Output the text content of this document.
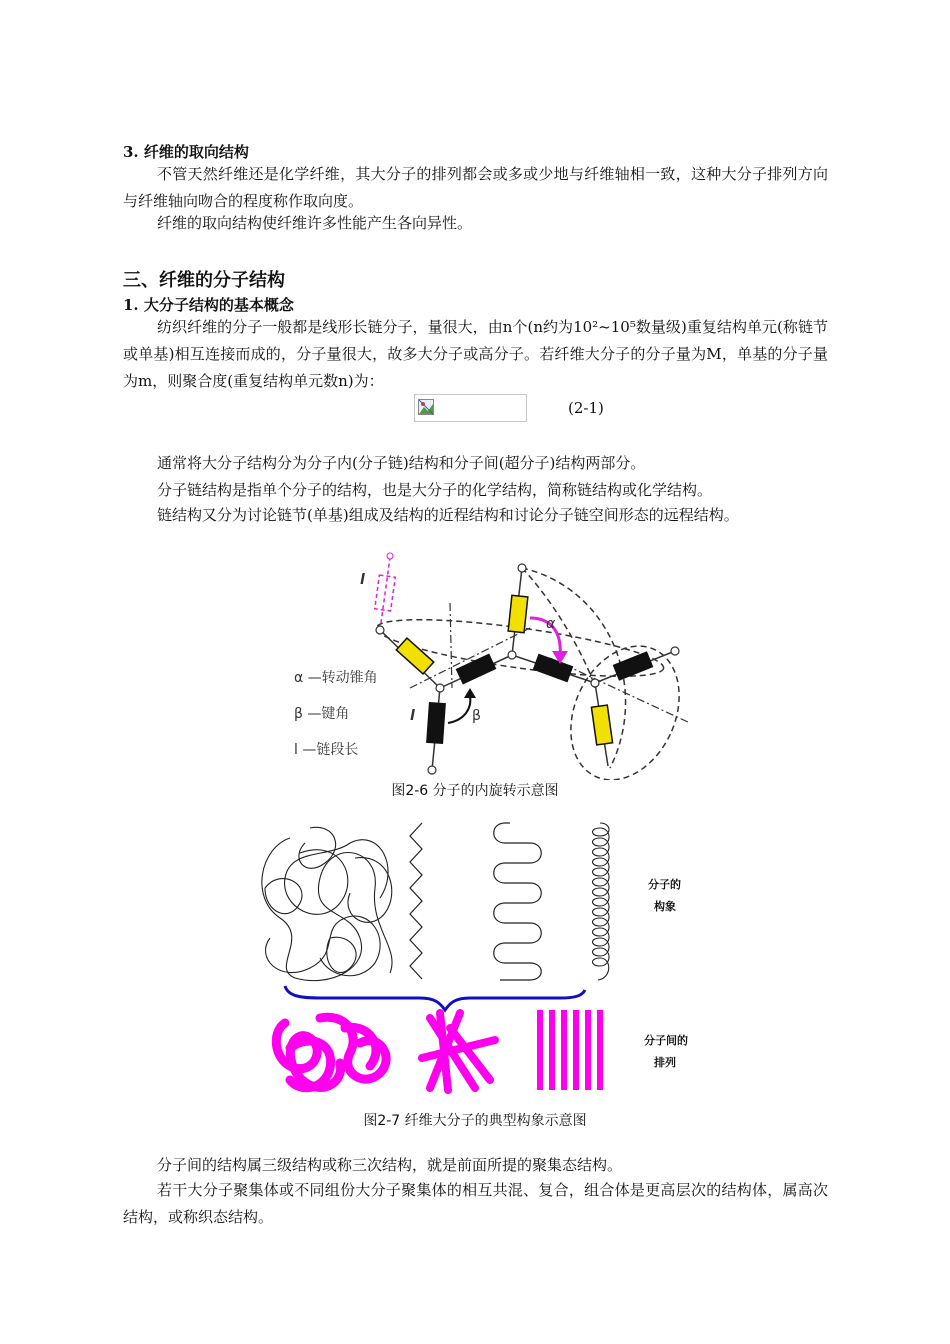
3. 纤维的取向结构
不管天然纤维还是化学纤维，其大分子的排列都会或多或少地与纤维轴相一致，这种大分子排列方向与纤维轴向吻合的程度称作取向度。
纤维的取向结构使纤维许多性能产生各向异性。
三、纤维的分子结构
1. 大分子结构的基本概念
纺织纤维的分子一般都是线形长链分子，量很大，由n个(n约为10²~10⁵数量级)重复结构单元(称链节或单基)相互连接而成的，分子量很大，故多大分子或高分子。若纤维大分子的分子量为M，单基的分子量为m，则聚合度(重复结构单元数n)为：
(2-1)
通常将大分子结构分为分子内(分子链)结构和分子间(超分子)结构两部分。
分子链结构是指单个分子的结构，也是大分子的化学结构，简称链结构或化学结构。
链结构又分为讨论链节(单基)组成及结构的近程结构和讨论分子链空间形态的远程结构。
α
β
l
l
α —转动锥角
β —键角
l —链段长
图2-6 分子的内旋转示意图
分子的
构象
分子间的
排列
图2-7 纤维大分子的典型构象示意图
分子间的结构属三级结构或称三次结构，就是前面所提的聚集态结构。
若干大分子聚集体或不同组份大分子聚集体的相互共混、复合，组合体是更高层次的结构体，属高次结构，或称织态结构。
